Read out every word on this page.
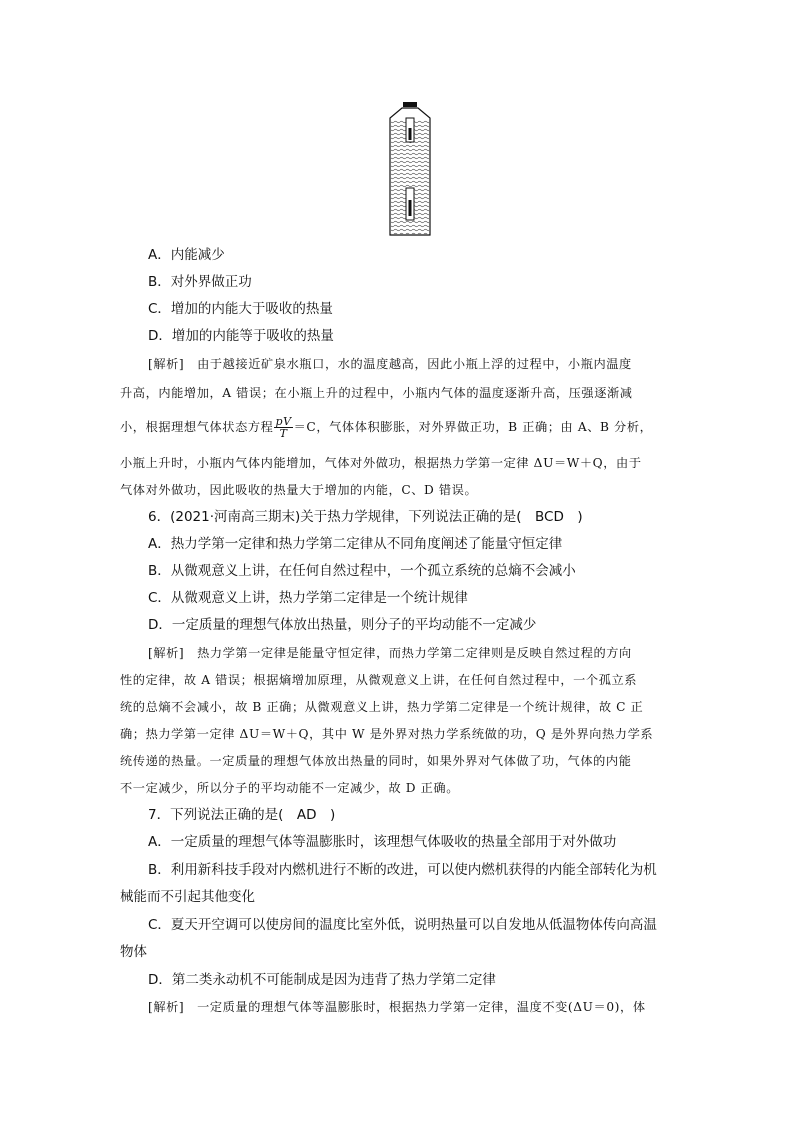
A．内能减少
B．对外界做正功
C．增加的内能大于吸收的热量
D．增加的内能等于吸收的热量
[解析]　由于越接近矿泉水瓶口，水的温度越高，因此小瓶上浮的过程中，小瓶内温度
升高，内能增加，A 错误；在小瓶上升的过程中，小瓶内气体的温度逐渐升高，压强逐渐减
小，根据理想气体状态方程 $\frac{pV}{T} =C$，气体体积膨胀，对外界做正功，B 正确；由 A、B 分析，
小瓶上升时，小瓶内气体内能增加，气体对外做功，根据热力学第一定律 ΔU＝W＋Q，由于
气体对外做功，因此吸收的热量大于增加的内能，C、D 错误。
6．(2021·河南高三期末)关于热力学规律，下列说法正确的是(　BCD　)
A．热力学第一定律和热力学第二定律从不同角度阐述了能量守恒定律
B．从微观意义上讲，在任何自然过程中，一个孤立系统的总熵不会减小
C．从微观意义上讲，热力学第二定律是一个统计规律
D．一定质量的理想气体放出热量，则分子的平均动能不一定减少
[解析]　热力学第一定律是能量守恒定律，而热力学第二定律则是反映自然过程的方向
性的定律，故 A 错误；根据熵增加原理，从微观意义上讲，在任何自然过程中，一个孤立系
统的总熵不会减小，故 B 正确；从微观意义上讲，热力学第二定律是一个统计规律，故 C 正
确；热力学第一定律 ΔU＝W＋Q，其中 W 是外界对热力学系统做的功，Q 是外界向热力学系
统传递的热量。一定质量的理想气体放出热量的同时，如果外界对气体做了功，气体的内能
不一定减少，所以分子的平均动能不一定减少，故 D 正确。
7．下列说法正确的是(　AD　)
A．一定质量的理想气体等温膨胀时，该理想气体吸收的热量全部用于对外做功
B．利用新科技手段对内燃机进行不断的改进，可以使内燃机获得的内能全部转化为机
械能而不引起其他变化
C．夏天开空调可以使房间的温度比室外低，说明热量可以自发地从低温物体传向高温
物体
D．第二类永动机不可能制成是因为违背了热力学第二定律
[解析]　一定质量的理想气体等温膨胀时，根据热力学第一定律，温度不变(ΔU＝0)，体
